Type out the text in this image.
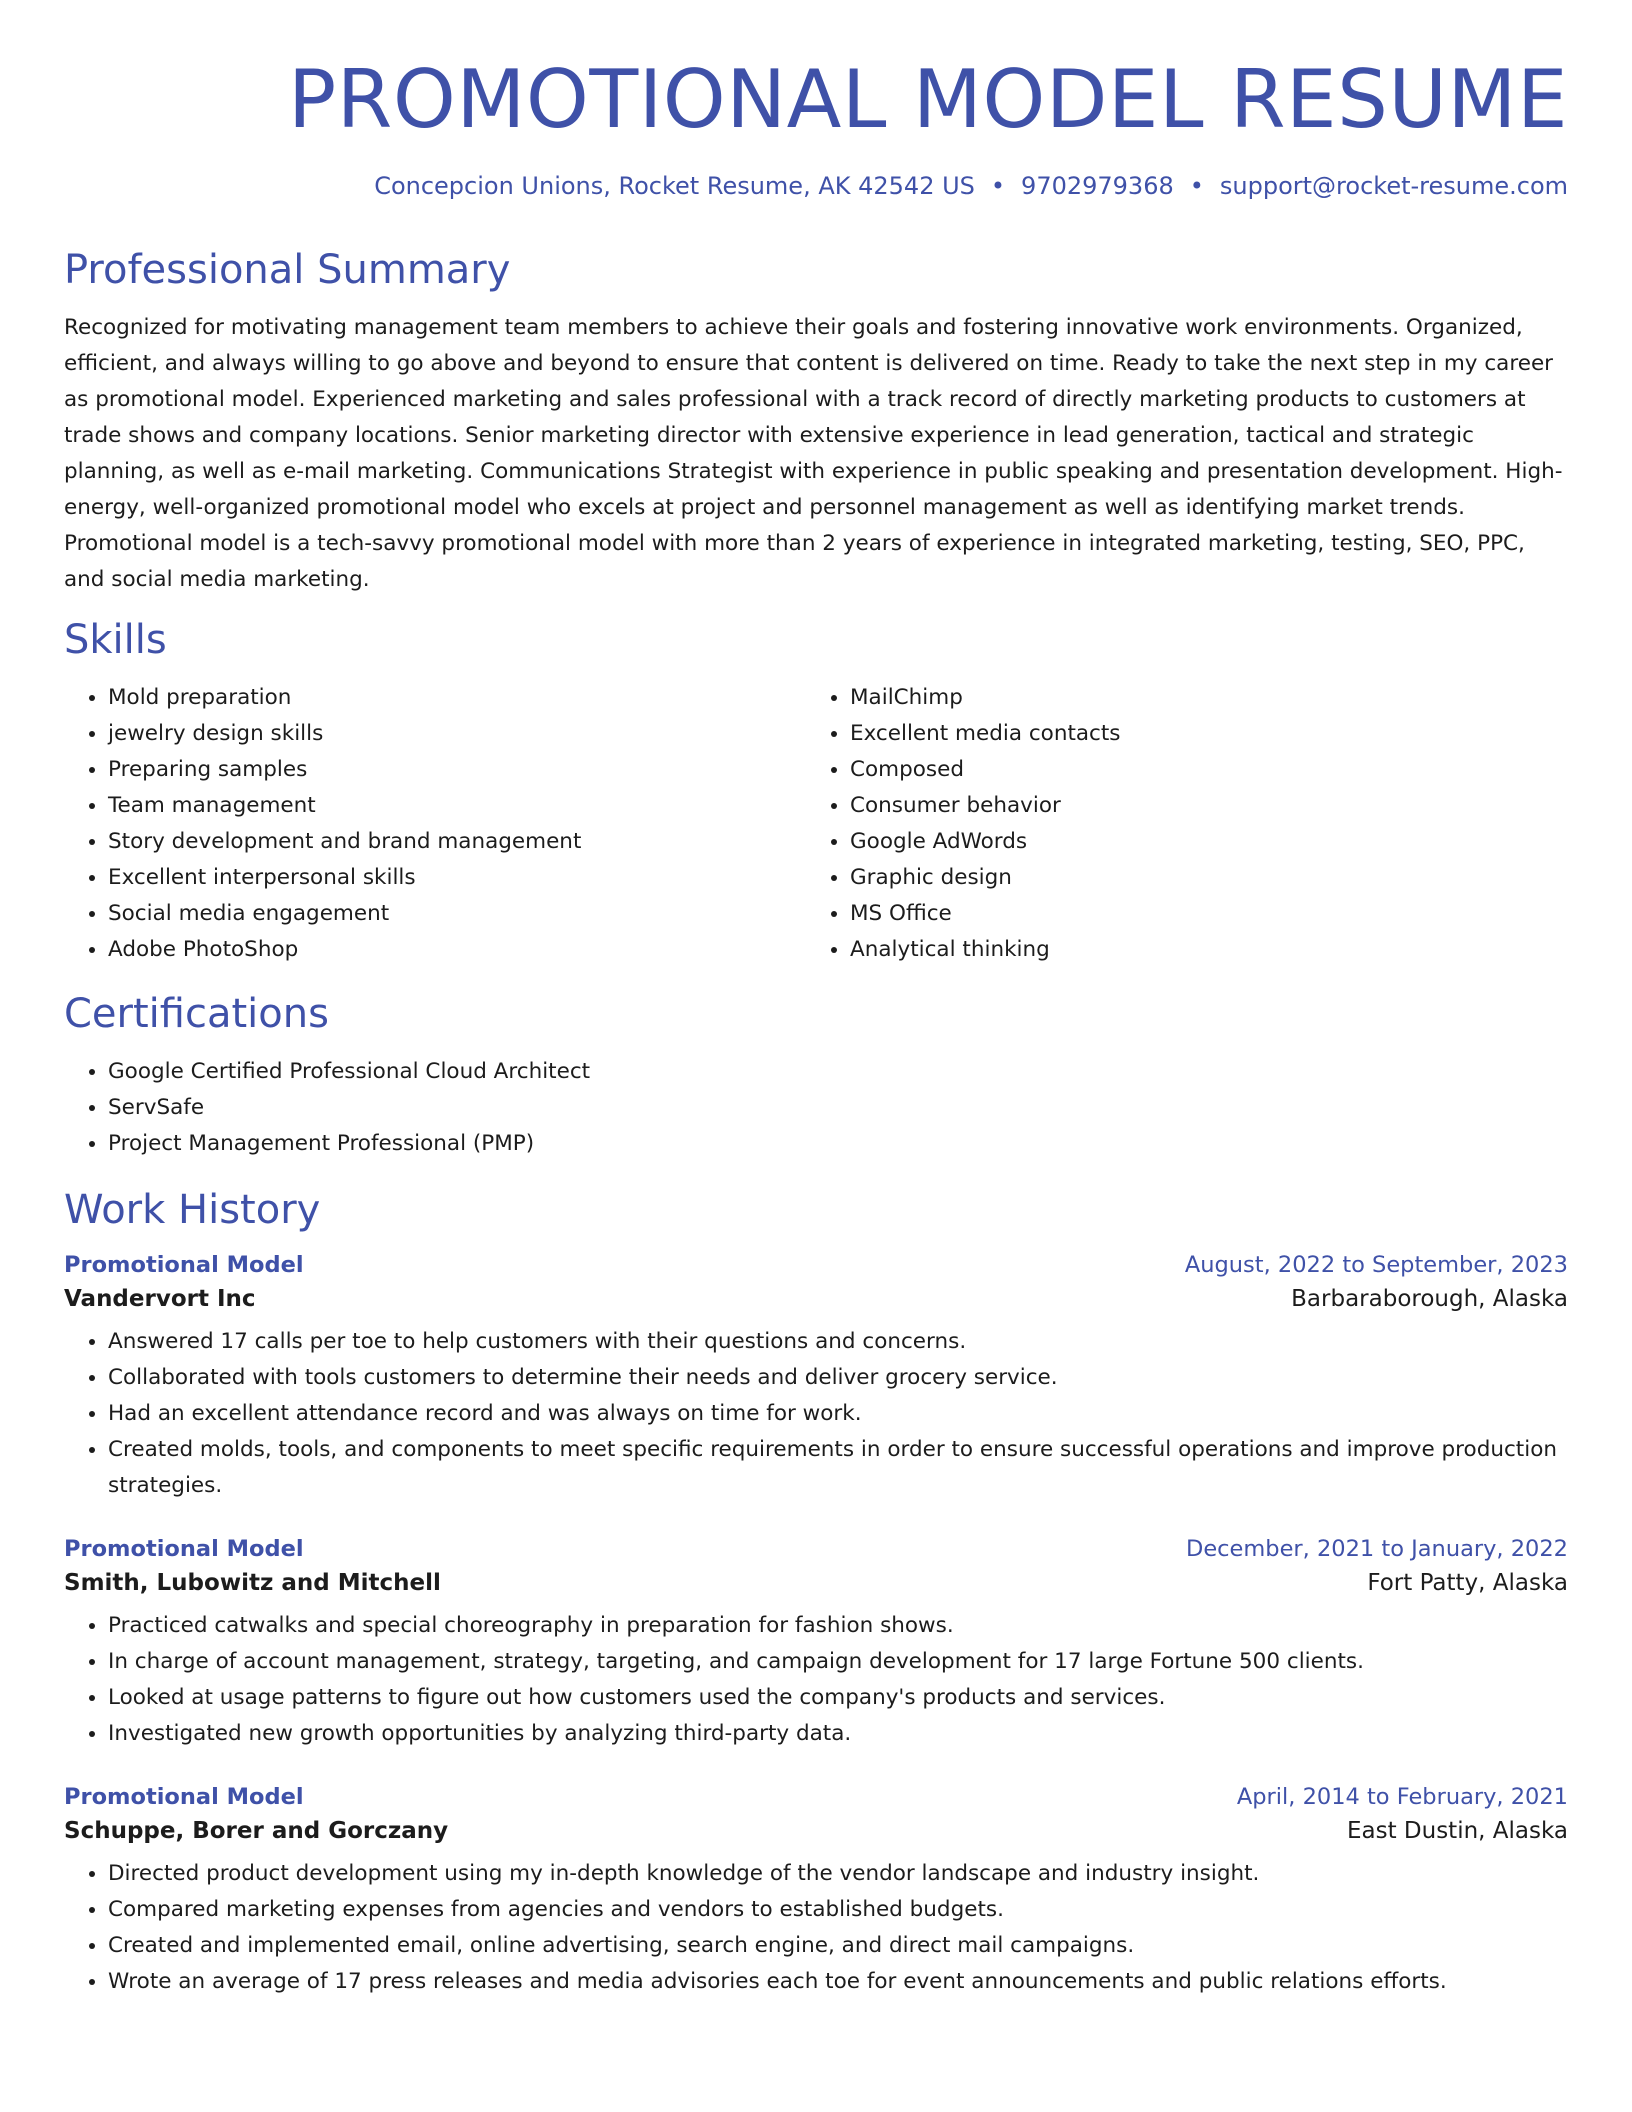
PROMOTIONAL MODEL RESUME
Concepcion Unions, Rocket Resume, AK 42542 US • 9702979368 • support@rocket-resume.com
Professional Summary

Recognized for motivating management team members to achieve their goals and fostering innovative work environments. Organized, efficient, and always willing to go above and beyond to ensure that content is delivered on time. Ready to take the next step in my career as promotional model. Experienced marketing and sales professional with a track record of directly marketing products to customers at trade shows and company locations. Senior marketing director with extensive experience in lead generation, tactical and strategic planning, as well as e-mail marketing. Communications Strategist with experience in public speaking and presentation development. High-energy, well-organized promotional model who excels at project and personnel management as well as identifying market trends. Promotional model is a tech-savvy promotional model with more than 2 years of experience in integrated marketing, testing, SEO, PPC, and social media marketing.

Skills
• Mold preparation
• jewelry design skills
• Preparing samples
• Team management
• Story development and brand management
• Excellent interpersonal skills
• Social media engagement
• Adobe PhotoShop
• MailChimp
• Excellent media contacts
• Composed
• Consumer behavior
• Google AdWords
• Graphic design
• MS Office
• Analytical thinking
Certifications
• Google Certified Professional Cloud Architect
• ServSafe
• Project Management Professional (PMP)
Work History
Promotional Model	August, 2022 to September, 2023
Vandervort Inc	Barbaraborough, Alaska
• Answered 17 calls per toe to help customers with their questions and concerns.
• Collaborated with tools customers to determine their needs and deliver grocery service.
• Had an excellent attendance record and was always on time for work.
• Created molds, tools, and components to meet specific requirements in order to ensure successful operations and improve production strategies.
Promotional Model	December, 2021 to January, 2022
Smith, Lubowitz and Mitchell	Fort Patty, Alaska
• Practiced catwalks and special choreography in preparation for fashion shows.
• In charge of account management, strategy, targeting, and campaign development for 17 large Fortune 500 clients.
• Looked at usage patterns to figure out how customers used the company's products and services.
• Investigated new growth opportunities by analyzing third-party data.
Promotional Model	April, 2014 to February, 2021
Schuppe, Borer and Gorczany	East Dustin, Alaska
• Directed product development using my in-depth knowledge of the vendor landscape and industry insight.
• Compared marketing expenses from agencies and vendors to established budgets.
• Created and implemented email, online advertising, search engine, and direct mail campaigns.
• Wrote an average of 17 press releases and media advisories each toe for event announcements and public relations efforts.
